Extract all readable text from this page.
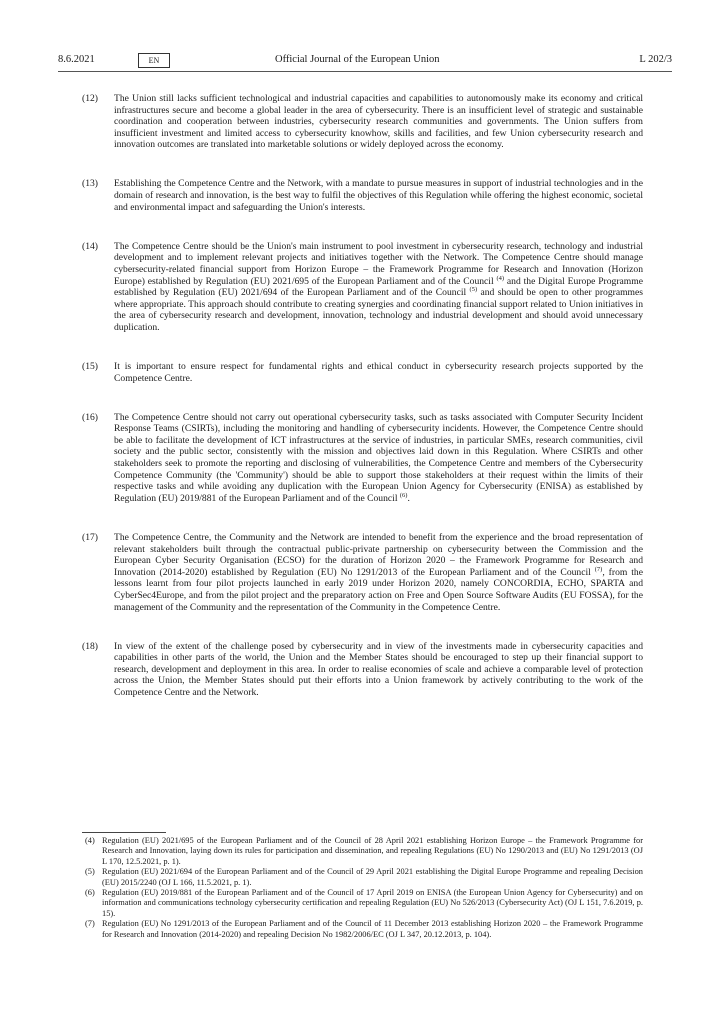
8.6.2021	EN	Official Journal of the European Union	L 202/3
(12) The Union still lacks sufficient technological and industrial capacities and capabilities to autonomously make its economy and critical infrastructures secure and become a global leader in the area of cybersecurity. There is an insufficient level of strategic and sustainable coordination and cooperation between industries, cybersecurity research communities and governments. The Union suffers from insufficient investment and limited access to cybersecurity knowhow, skills and facilities, and few Union cybersecurity research and innovation outcomes are translated into marketable solutions or widely deployed across the economy.
(13) Establishing the Competence Centre and the Network, with a mandate to pursue measures in support of industrial technologies and in the domain of research and innovation, is the best way to fulfil the objectives of this Regulation while offering the highest economic, societal and environmental impact and safeguarding the Union's interests.
(14) The Competence Centre should be the Union's main instrument to pool investment in cybersecurity research, technology and industrial development and to implement relevant projects and initiatives together with the Network. The Competence Centre should manage cybersecurity-related financial support from Horizon Europe – the Framework Programme for Research and Innovation (Horizon Europe) established by Regulation (EU) 2021/695 of the European Parliament and of the Council $^{(4)}$ and the Digital Europe Programme established by Regulation (EU) 2021/694 of the European Parliament and of the Council $^{(5)}$ and should be open to other programmes where appropriate. This approach should contribute to creating synergies and coordinating financial support related to Union initiatives in the area of cybersecurity research and development, innovation, technology and industrial development and should avoid unnecessary duplication.
(15) It is important to ensure respect for fundamental rights and ethical conduct in cybersecurity research projects supported by the Competence Centre.
(16) The Competence Centre should not carry out operational cybersecurity tasks, such as tasks associated with Computer Security Incident Response Teams (CSIRTs), including the monitoring and handling of cybersecurity incidents. However, the Competence Centre should be able to facilitate the development of ICT infrastructures at the service of industries, in particular SMEs, research communities, civil society and the public sector, consistently with the mission and objectives laid down in this Regulation. Where CSIRTs and other stakeholders seek to promote the reporting and disclosing of vulnerabilities, the Competence Centre and members of the Cybersecurity Competence Community (the 'Community') should be able to support those stakeholders at their request within the limits of their respective tasks and while avoiding any duplication with the European Union Agency for Cybersecurity (ENISA) as established by Regulation (EU) 2019/881 of the European Parliament and of the Council $^{(6)}$.
(17) The Competence Centre, the Community and the Network are intended to benefit from the experience and the broad representation of relevant stakeholders built through the contractual public-private partnership on cybersecurity between the Commission and the European Cyber Security Organisation (ECSO) for the duration of Horizon 2020 – the Framework Programme for Research and Innovation (2014-2020) established by Regulation (EU) No 1291/2013 of the European Parliament and of the Council $^{(7)}$, from the lessons learnt from four pilot projects launched in early 2019 under Horizon 2020, namely CONCORDIA, ECHO, SPARTA and CyberSec4Europe, and from the pilot project and the preparatory action on Free and Open Source Software Audits (EU FOSSA), for the management of the Community and the representation of the Community in the Competence Centre.
(18) In view of the extent of the challenge posed by cybersecurity and in view of the investments made in cybersecurity capacities and capabilities in other parts of the world, the Union and the Member States should be encouraged to step up their financial support to research, development and deployment in this area. In order to realise economies of scale and achieve a comparable level of protection across the Union, the Member States should put their efforts into a Union framework by actively contributing to the work of the Competence Centre and the Network.

(4) Regulation (EU) 2021/695 of the European Parliament and of the Council of 28 April 2021 establishing Horizon Europe – the Framework Programme for Research and Innovation, laying down its rules for participation and dissemination, and repealing Regulations (EU) No 1290/2013 and (EU) No 1291/2013 (OJ L 170, 12.5.2021, p. 1).

(5) Regulation (EU) 2021/694 of the European Parliament and of the Council of 29 April 2021 establishing the Digital Europe Programme and repealing Decision (EU) 2015/2240 (OJ L 166, 11.5.2021, p. 1).

(6) Regulation (EU) 2019/881 of the European Parliament and of the Council of 17 April 2019 on ENISA (the European Union Agency for Cybersecurity) and on information and communications technology cybersecurity certification and repealing Regulation (EU) No 526/2013 (Cybersecurity Act) (OJ L 151, 7.6.2019, p. 15).

(7) Regulation (EU) No 1291/2013 of the European Parliament and of the Council of 11 December 2013 establishing Horizon 2020 – the Framework Programme for Research and Innovation (2014-2020) and repealing Decision No 1982/2006/EC (OJ L 347, 20.12.2013, p. 104).
